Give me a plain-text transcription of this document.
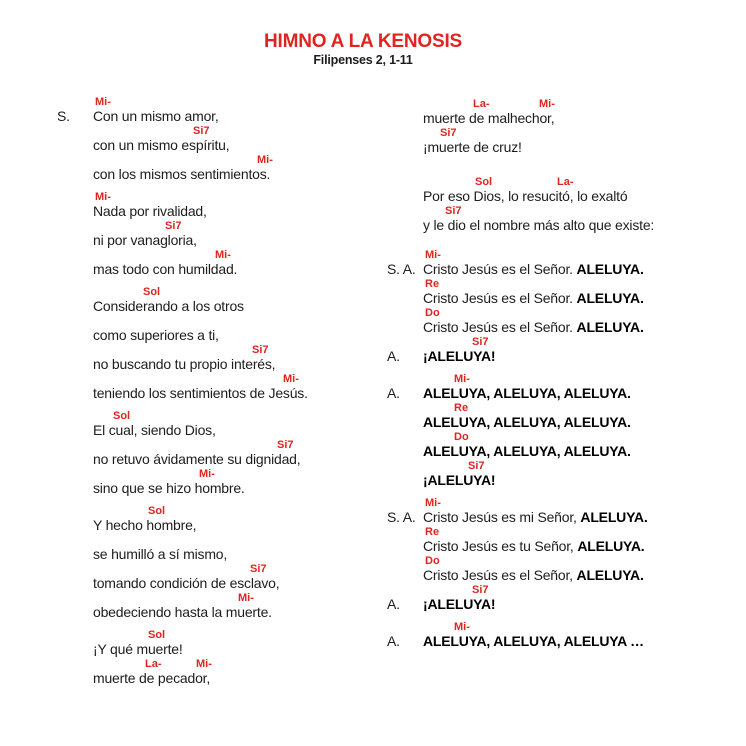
HIMNO A LA KENOSIS
Filipenses 2, 1-11
Mi-
S. Con un mismo amor,
Si7
con un mismo espíritu,
Mi-
con los mismos sentimientos.
Mi-
Nada por rivalidad,
Si7
ni por vanagloria,
Mi-
mas todo con humildad.
Sol
Considerando a los otros
como superiores a ti,
Si7
no buscando tu propio interés,
Mi-
teniendo los sentimientos de Jesús.
Sol
El cual, siendo Dios,
Si7
no retuvo ávidamente su dignidad,
Mi-
sino que se hizo hombre.
Sol
Y hecho hombre,
se humilló a sí mismo,
Si7
tomando condición de esclavo,
Mi-
obedeciendo hasta la muerte.
Sol
¡Y qué muerte!
La-	Mi-
muerte de pecador,
La-	Mi-
muerte de malhechor,
Si7
¡muerte de cruz!
Sol	La-
Por eso Dios, lo resucitó, lo exaltó
Si7
y le dio el nombre más alto que existe:
Mi-
S. A. Cristo Jesús es el Señor. ALELUYA.
Re
Cristo Jesús es el Señor. ALELUYA.
Do
Cristo Jesús es el Señor. ALELUYA.
Si7
A. ¡ALELUYA!
Mi-
A. ALELUYA, ALELUYA, ALELUYA.
Re
ALELUYA, ALELUYA, ALELUYA.
Do
ALELUYA, ALELUYA, ALELUYA.
Si7
¡ALELUYA!
Mi-
S. A. Cristo Jesús es mi Señor, ALELUYA.
Re
Cristo Jesús es tu Señor, ALELUYA.
Do
Cristo Jesús es el Señor, ALELUYA.
Si7
A. ¡ALELUYA!
Mi-
A. ALELUYA, ALELUYA, ALELUYA …
